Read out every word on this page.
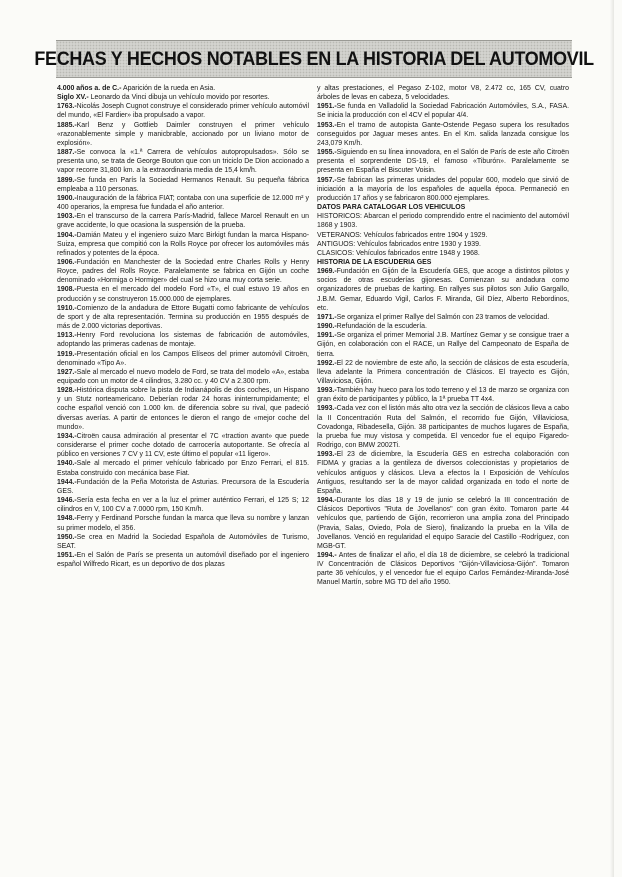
FECHAS Y HECHOS NOTABLES EN LA HISTORIA DEL AUTOMOVIL

4.000 años a. de C.- Aparición de la rueda en Asia.

Siglo XV.- Leonardo da Vinci dibuja un vehículo movido por resortes.

1763.-Nicolás Joseph Cugnot construye el considerado primer vehículo automóvil del mundo, «El Fardier» iba propulsado a vapor.

1885.-Karl Benz y Gottlieb Daimler construyen el primer vehículo «razonablemente simple y manicbrable, accionado por un liviano motor de explosión».

1887.-Se convoca la «1.ª Carrera de vehículos autopropulsados». Sólo se presenta uno, se trata de George Bouton que con un triciclo De Dion accionado a vapor recorre 31,800 km. a la extraordinaria media de 15,4 km/h.

1899.-Se funda en París la Sociedad Hermanos Renault. Su pequeña fábrica empleaba a 110 personas.

1900.-Inauguración de la fábrica FIAT; contaba con una superficie de 12.000 m² y 400 operarios, la empresa fue fundada el año anterior.

1903.-En el transcurso de la carrera París-Madrid, fallece Marcel Renault en un grave accidente, lo que ocasiona la suspensión de la prueba.

1904.-Damián Mateu y el ingeniero suizo Marc Birkigt fundan la marca Hispano-Suiza, empresa que compitió con la Rolls Royce por ofrecer los automóviles más refinados y potentes de la época.

1906.-Fundación en Manchester de la Sociedad entre Charles Rolls y Henry Royce, padres del Rolls Royce. Paralelamente se fabrica en Gijón un coche denominado «Hormiga o Hormiger» del cual se hizo una muy corta serie.

1908.-Puesta en el mercado del modelo Ford «T», el cual estuvo 19 años en producción y se construyeron 15.000.000 de ejemplares.

1910.-Comienzo de la andadura de Ettore Bugatti como fabricante de vehículos de sport y de alta representación. Termina su producción en 1955 después de más de 2.000 victorias deportivas.

1913.-Henry Ford revoluciona los sistemas de fabricación de automóviles, adoptando las primeras cadenas de montaje.

1919.-Presentación oficial en los Campos Elíseos del primer automóvil Citroën, denominado «Tipo A».

1927.-Sale al mercado el nuevo modelo de Ford, se trata del modelo «A», estaba equipado con un motor de 4 cilindros, 3.280 cc. y 40 CV a 2.300 rpm.

1928.-Histórica disputa sobre la pista de Indianápolis de dos coches, un Hispano y un Stutz norteamericano. Deberían rodar 24 horas ininterrumpidamente; el coche español venció con 1.000 km. de diferencia sobre su rival, que padeció diversas averías. A partir de entonces le dieron el rango de «mejor coche del mundo».

1934.-Citroën causa admiración al presentar el 7C «traction avant» que puede considerarse el primer coche dotado de carrocería autoportante. Se ofrecía al público en versiones 7 CV y 11 CV, este último el popular «11 ligero».

1940.-Sale al mercado el primer vehículo fabricado por Enzo Ferrari, el 815. Estaba construido con mecánica base Fiat.

1944.-Fundación de la Peña Motorista de Asturias. Precursora de la Escudería GES.

1946.-Sería esta fecha en ver a la luz el primer auténtico Ferrari, el 125 S; 12 cilindros en V, 100 CV a 7.0000 rpm, 150 Km/h.

1948.-Ferry y Ferdinand Porsche fundan la marca que lleva su nombre y lanzan su primer modelo, el 356.

1950.-Se crea en Madrid la Sociedad Española de Automóviles de Turismo, SEAT.

1951.-En el Salón de París se presenta un automóvil diseñado por el ingeniero español Wilfredo Ricart, es un deportivo de dos plazas

y altas prestaciones, el Pegaso Z-102, motor V8, 2.472 cc, 165 CV, cuatro árboles de levas en cabeza, 5 velocidades.

1951.-Se funda en Valladolid la Sociedad Fabricación Automóviles, S.A., FASA. Se inicia la producción con el 4CV el popular 4/4.

1953.-En el tramo de autopista Gante-Ostende Pegaso supera los resultados conseguidos por Jaguar meses antes. En el Km. salida lanzada consigue los 243,079 Km/h.

1955.-Siguiendo en su línea innovadora, en el Salón de París de este año Citroën presenta el sorprendente DS-19, el famoso «Tiburón». Paralelamente se presenta en España el Biscuter Voisin.

1957.-Se fabrican las primeras unidades del popular 600, modelo que sirvió de iniciación a la mayoría de los españoles de aquella época. Permaneció en producción 17 años y se fabricaron 800.000 ejemplares.

DATOS PARA CATALOGAR LOS VEHICULOS

HISTORICOS: Abarcan el periodo comprendido entre el nacimiento del automóvil 1868 y 1903.

VETERANOS: Vehículos fabricados entre 1904 y 1929.

ANTIGUOS: Vehículos fabricados entre 1930 y 1939.

CLASICOS: Vehículos fabricados entre 1948 y 1968.

HISTORIA DE LA ESCUDERIA GES

1969.-Fundación en Gijón de la Escudería GES, que acoge a distintos pilotos y socios de otras escuderías gijonesas. Comienzan su andadura como organizadores de pruebas de karting. En rallyes sus pilotos son Julio Gargallo, J.B.M. Gemar, Eduardo Vigil, Carlos F. Miranda, Gil Díez, Alberto Rebordinos, etc.

1971.-Se organiza el primer Rallye del Salmón con 23 tramos de velocidad.

1990.-Refundación de la escudería.

1991.-Se organiza el primer Memorial J.B. Martínez Gemar y se consigue traer a Gijón, en colaboración con el RACE, un Rallye del Campeonato de España de tierra.

1992.-El 22 de noviembre de este año, la sección de clásicos de esta escudería, lleva adelante la Primera concentración de Clásicos. El trayecto es Gijón, Villaviciosa, Gijón.

1993.-También hay hueco para los todo terreno y el 13 de marzo se organiza con gran éxito de participantes y público, la 1ª prueba TT 4x4.

1993.-Cada vez con el listón más alto otra vez la sección de clásicos lleva a cabo la II Concentración Ruta del Salmón, el recorrido fue Gijón, Villaviciosa, Covadonga, Ribadesella, Gijón. 38 participantes de muchos lugares de España, la prueba fue muy vistosa y competida. El vencedor fue el equipo Figaredo-Rodrigo, con BMW 2002Ti.

1993.-El 23 de diciembre, la Escudería GES en estrecha colaboración con FIDMA y gracias a la gentileza de diversos coleccionistas y propietarios de vehículos antiguos y clásicos. Lleva a efectos la I Exposición de Vehículos Antiguos, resultando ser la de mayor calidad organizada en todo el norte de España.

1994.-Durante los días 18 y 19 de junio se celebró la III concentración de Clásicos Deportivos "Ruta de Jovellanos" con gran éxito. Tomaron parte 44 vehículos que, partiendo de Gijón, recorrieron una amplia zona del Principado (Pravia, Salas, Oviedo, Pola de Siero), finalizando la prueba en la Villa de Jovellanos. Venció en regularidad el equipo Saracie del Castillo -Rodríguez, con MGB-GT.

1994.- Antes de finalizar el año, el día 18 de diciembre, se celebró la tradicional IV Concentración de Clásicos Deportivos "Gijón-Villaviciosa-Gijón". Tomaron parte 36 vehículos, y el vencedor fue el equipo Carlos Fernández-Miranda-José Manuel Martín, sobre MG TD del año 1950.
